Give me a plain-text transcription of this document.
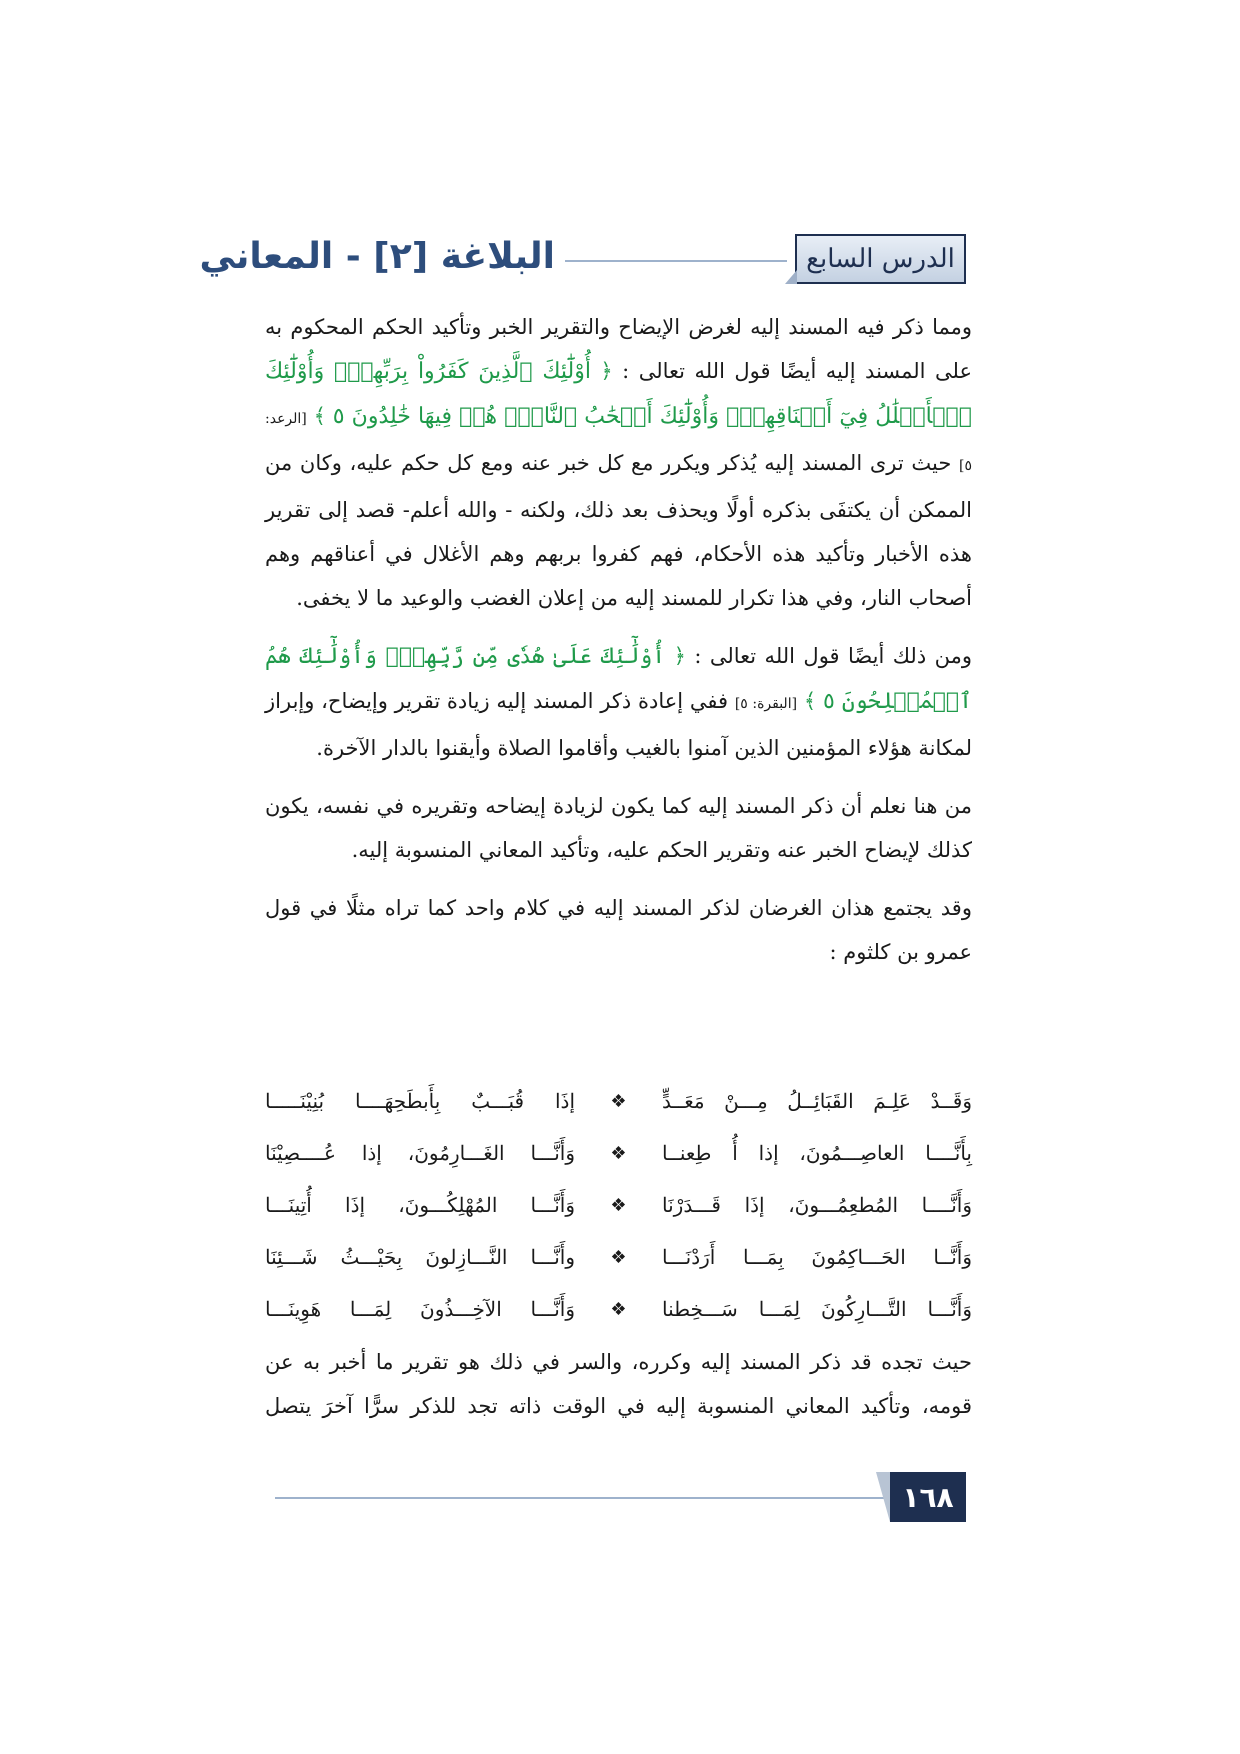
الدرس السابع
البلاغة [٢] - المعاني

ومما ذكر فيه المسند إليه لغرض الإيضاح والتقرير الخبر وتأكيد الحكم المحكوم به على المسند إليه أيضًا قول الله تعالى : ﴿ أُوْلَٰٓئِكَ ٱلَّذِينَ كَفَرُواْ بِرَبِّهِمْۖ وَأُوْلَٰٓئِكَ ٱلۡأَغۡلَٰلُ فِيٓ أَعۡنَاقِهِمۡۖ وَأُوْلَٰٓئِكَ أَصۡحَٰبُ ٱلنَّارِۖ هُمۡ فِيهَا خَٰلِدُونَ ٥ ﴾ [الرعد: ٥] حيث ترى المسند إليه يُذكر ويكرر مع كل خبر عنه ومع كل حكم عليه، وكان من الممكن أن يكتفَى بذكره أولًا ويحذف بعد ذلك، ولكنه - والله أعلم- قصد إلى تقرير هذه الأخبار وتأكيد هذه الأحكام، فهم كفروا بربهم وهم الأغلال في أعناقهم وهم أصحاب النار، وفي هذا تكرار للمسند إليه من إعلان الغضب والوعيد ما لا يخفى.

ومن ذلك أيضًا قول الله تعالى : ﴿ أُوْلَٰٓئِكَ عَلَىٰ هُدٗى مِّن رَّبِّهِمۡۖ وَأُوْلَٰٓئِكَ هُمُ ٱلۡمُفۡلِحُونَ ٥ ﴾ [البقرة: ٥] ففي إعادة ذكر المسند إليه زيادة تقرير وإيضاح، وإبراز لمكانة هؤلاء المؤمنين الذين آمنوا بالغيب وأقاموا الصلاة وأيقنوا بالدار الآخرة.

من هنا نعلم أن ذكر المسند إليه كما يكون لزيادة إيضاحه وتقريره في نفسه، يكون كذلك لإيضاح الخبر عنه وتقرير الحكم عليه، وتأكيد المعاني المنسوبة إليه.

وقد يجتمع هذان الغرضان لذكر المسند إليه في كلام واحد كما تراه مثلًا في قول عمرو بن كلثوم :

وَقَــدْ عَلِـمَ القَبَائِــلُ مِـــنْ مَعَــدٍّ
❖
إذَا قُبَـــبٌ بِأَبطَحِهَــــا بُنِيْنَـــــا
بِأَنَّــــا العاصِـــمُونَ، إذا أُ طِعنــا
❖
وَأَنَّـــا الغَـــارِمُونَ، إذا عُــــصِيْنَا
وَأَنَّــــا المُطعِمُـــونَ، إذَا قَـــدَرْنَا
❖
وَأَنَّـــا المُهْلِكُـــونَ، إذَا أُتِينَـــا
وَأَنَّــا الحَـــاكِمُونَ بِمَـــا أَرَدْنَـــا
❖
وأَنَّـــا النَّـــازِلونَ بِحَيْـــثُ شَـــئِنَا
وَأَنَّـــا التَّـــارِكُونَ لِمَـــا سَـــخِطنا
❖
وَأَنَّـــا الآخِـــذُونَ لِمَـــا هَوِينَـــا

حيث تجده قد ذكر المسند إليه وكرره، والسر في ذلك هو تقرير ما أخبر به عن

قومه، وتأكيد المعاني المنسوبة إليه في الوقت ذاته تجد للذكر سرًّا آخرَ يتصل

١٦٨
